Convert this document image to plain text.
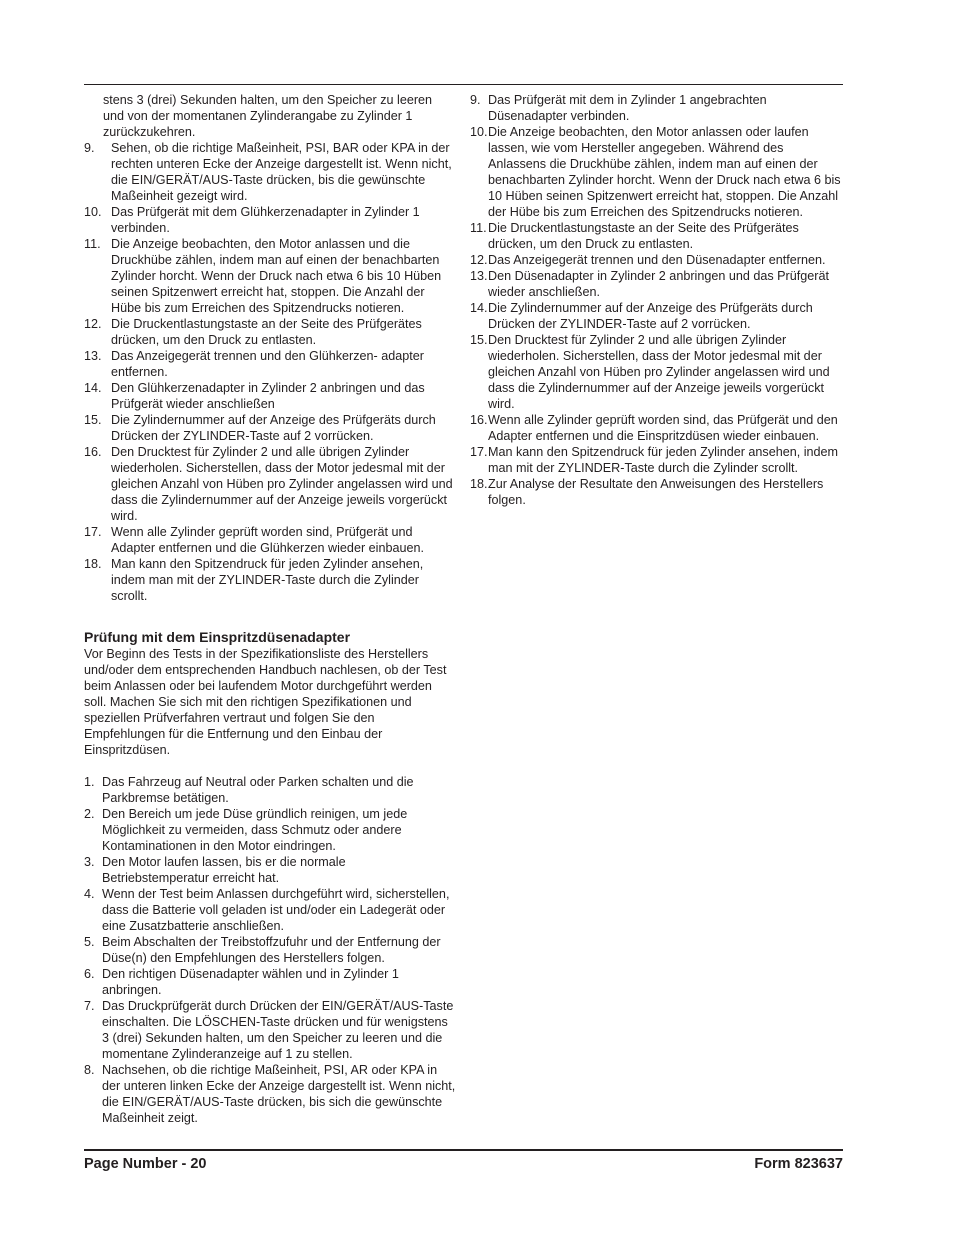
stens 3 (drei) Sekunden halten, um den Speicher zu leeren und von der momentanen Zylinderangabe zu Zylinder 1 zurückzukehren.
9. Sehen, ob die richtige Maßeinheit, PSI, BAR oder KPA in der rechten unteren Ecke der Anzeige dargestellt ist. Wenn nicht, die EIN/GERÄT/AUS-Taste drücken, bis die gewünschte Maßeinheit gezeigt wird.
10. Das Prüfgerät mit dem Glühkerzenadapter in Zylinder 1 verbinden.
11. Die Anzeige beobachten, den Motor anlassen und die Druckhübe zählen, indem man auf einen der benachbarten Zylinder horcht. Wenn der Druck nach etwa 6 bis 10 Hüben seinen Spitzenwert erreicht hat, stoppen. Die Anzahl der Hübe bis zum Erreichen des Spitzendrucks notieren.
12. Die Druckentlastungstaste an der Seite des Prüfgerätes drücken, um den Druck zu entlasten.
13. Das Anzeigegerät trennen und den Glühkerzen- adapter entfernen.
14. Den Glühkerzenadapter in Zylinder 2 anbringen und das Prüfgerät wieder anschließen
15. Die Zylindernummer auf der Anzeige des Prüfgeräts durch Drücken der ZYLINDER-Taste auf 2 vorrücken.
16. Den Drucktest für Zylinder 2 und alle übrigen Zylinder wiederholen. Sicherstellen, dass der Motor jedesmal mit der gleichen Anzahl von Hüben pro Zylinder angelassen wird und dass die Zylindernummer auf der Anzeige jeweils vorgerückt wird.
17. Wenn alle Zylinder geprüft worden sind, Prüfgerät und Adapter entfernen und die Glühkerzen wieder einbauen.
18. Man kann den Spitzendruck für jeden Zylinder ansehen, indem man mit der ZYLINDER-Taste durch die Zylinder scrollt.
Prüfung mit dem Einspritzdüsenadapter
Vor Beginn des Tests in der Spezifikationsliste des Herstellers und/oder dem entsprechenden Handbuch nachlesen, ob der Test beim Anlassen oder bei laufendem Motor durchgeführt werden soll. Machen Sie sich mit den richtigen Spezifikationen und speziellen Prüfverfahren vertraut und folgen Sie den Empfehlungen für die Entfernung und den Einbau der Einspritzdüsen.
1. Das Fahrzeug auf Neutral oder Parken schalten und die Parkbremse betätigen.
2. Den Bereich um jede Düse gründlich reinigen, um jede Möglichkeit zu vermeiden, dass Schmutz oder andere Kontaminationen in den Motor eindringen.
3. Den Motor laufen lassen, bis er die normale Betriebstemperatur erreicht hat.
4. Wenn der Test beim Anlassen durchgeführt wird, sicherstellen, dass die Batterie voll geladen ist und/oder ein Ladegerät oder eine Zusatzbatterie anschließen.
5. Beim Abschalten der Treibstoffzufuhr und der Entfernung der Düse(n) den Empfehlungen des Herstellers folgen.
6. Den richtigen Düsenadapter wählen und in Zylinder 1 anbringen.
7. Das Druckprüfgerät durch Drücken der EIN/GERÄT/AUS-Taste einschalten. Die LÖSCHEN-Taste drücken und für wenigstens 3 (drei) Sekunden halten, um den Speicher zu leeren und die momentane Zylinderanzeige auf 1 zu stellen.
8. Nachsehen, ob die richtige Maßeinheit, PSI, AR oder KPA in der unteren linken Ecke der Anzeige dargestellt ist. Wenn nicht, die EIN/GERÄT/AUS-Taste drücken, bis sich die gewünschte Maßeinheit zeigt.
9. Das Prüfgerät mit dem in Zylinder 1 angebrachten Düsenadapter verbinden.
10. Die Anzeige beobachten, den Motor anlassen oder laufen lassen, wie vom Hersteller angegeben. Während des Anlassens die Druckhübe zählen, indem man auf einen der benachbarten Zylinder horcht. Wenn der Druck nach etwa 6 bis 10 Hüben seinen Spitzenwert erreicht hat, stoppen. Die Anzahl der Hübe bis zum Erreichen des Spitzendrucks notieren.
11. Die Druckentlastungstaste an der Seite des Prüfgerätes drücken, um den Druck zu entlasten.
12. Das Anzeigegerät trennen und den Düsenadapter entfernen.
13. Den Düsenadapter in Zylinder 2 anbringen und das Prüfgerät wieder anschließen.
14. Die Zylindernummer auf der Anzeige des Prüfgeräts durch Drücken der ZYLINDER-Taste auf 2 vorrücken.
15. Den Drucktest für Zylinder 2 und alle übrigen Zylinder wiederholen. Sicherstellen, dass der Motor jedesmal mit der gleichen Anzahl von Hüben pro Zylinder angelassen wird und dass die Zylindernummer auf der Anzeige jeweils vorgerückt wird.
16. Wenn alle Zylinder geprüft worden sind, das Prüfgerät und den Adapter entfernen und die Einspritzdüsen wieder einbauen.
17. Man kann den Spitzendruck für jeden Zylinder ansehen, indem man mit der ZYLINDER-Taste durch die Zylinder scrollt.
18. Zur Analyse der Resultate den Anweisungen des Herstellers folgen.
Page Number - 20	Form 823637
